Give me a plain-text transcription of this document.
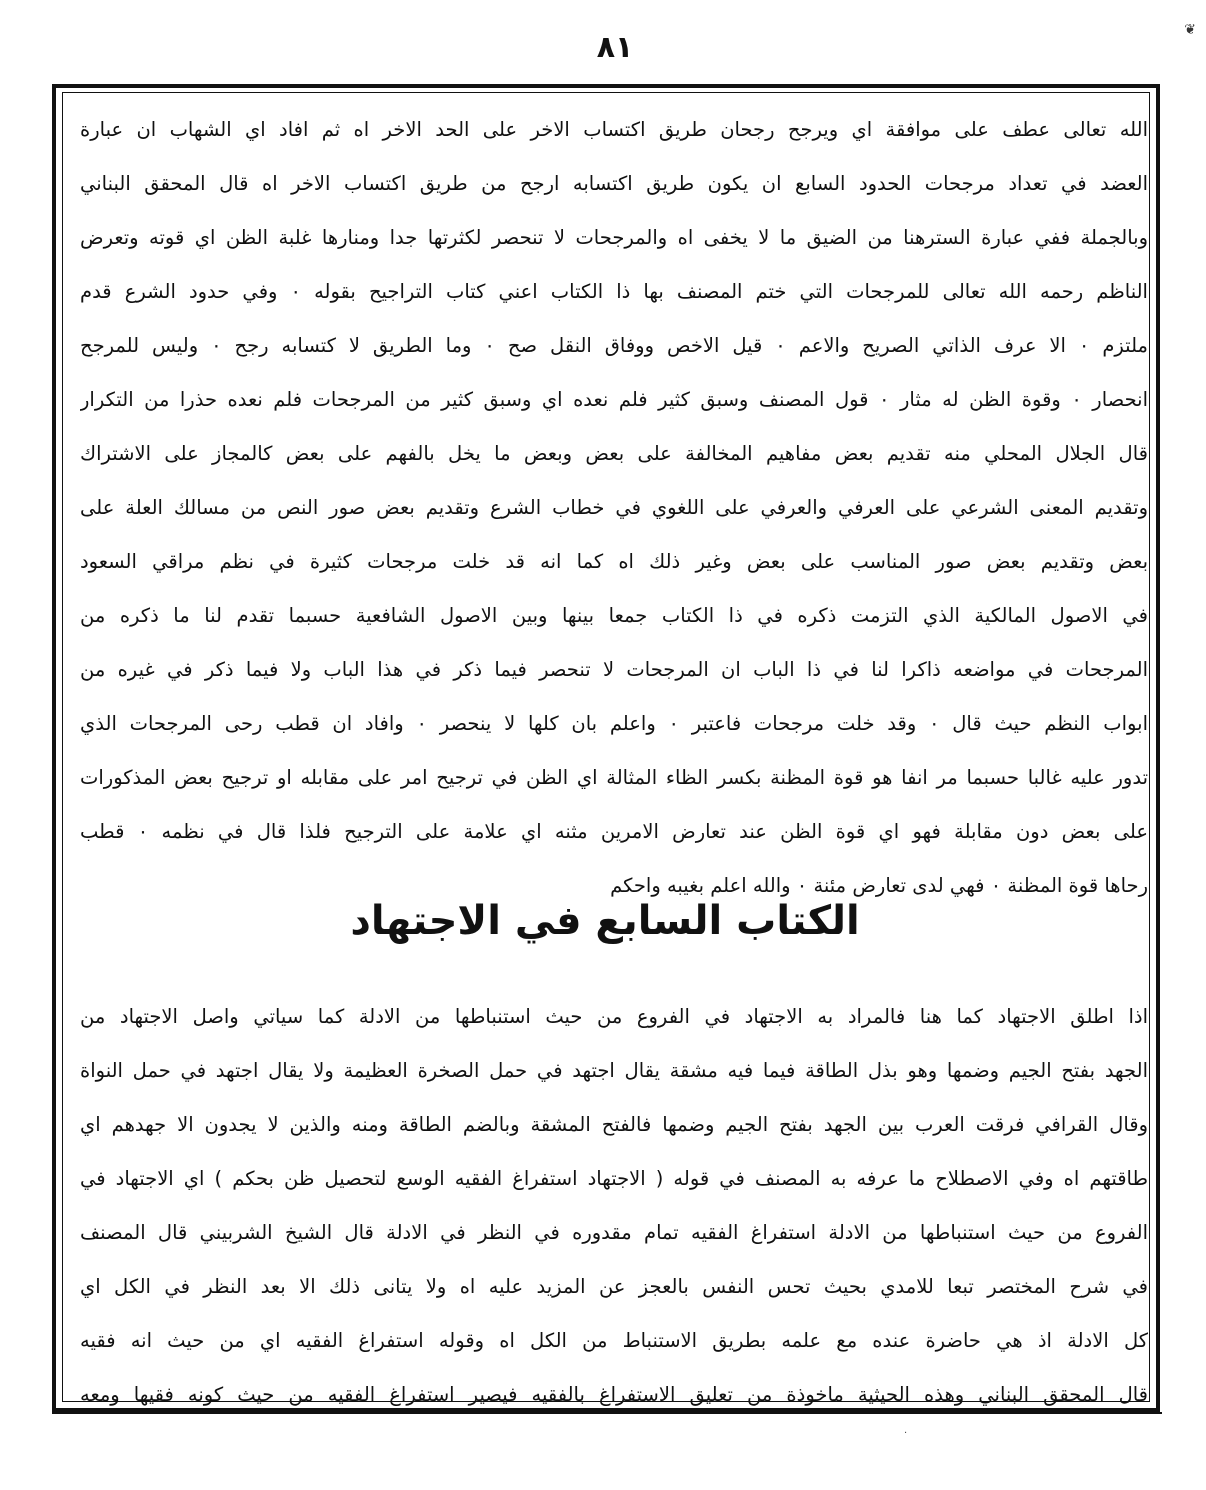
٨١	❦
الله تعالى عطف على موافقة اي ويرجح رجحان طريق اكتساب الاخر على الحد الاخر اه ثم افاد اي الشهاب ان عبارة
العضد في تعداد مرجحات الحدود السابع ان يكون طريق اكتسابه ارجح من طريق اكتساب الاخر اه قال المحقق البناني
وبالجملة ففي عبارة السترهنا من الضيق ما لا يخفى اه والمرجحات لا تنحصر لكثرتها جدا ومنارها غلبة الظن اي قوته وتعرض
الناظم رحمه الله تعالى للمرجحات التي ختم المصنف بها ذا الكتاب اعني كتاب التراجيح بقوله ٠ وفي حدود الشرع قدم
ملتزم ٠ الا عرف الذاتي الصريح والاعم ٠ قيل الاخص ووفاق النقل صح ٠ وما الطريق لا كتسابه رجح ٠ وليس للمرجح
انحصار ٠ وقوة الظن له مثار ٠ قول المصنف وسبق كثير فلم نعده اي وسبق كثير من المرجحات فلم نعده حذرا من التكرار
قال الجلال المحلي منه تقديم بعض مفاهيم المخالفة على بعض وبعض ما يخل بالفهم على بعض كالمجاز على الاشتراك
وتقديم المعنى الشرعي على العرفي والعرفي على اللغوي في خطاب الشرع وتقديم بعض صور النص من مسالك العلة على
بعض وتقديم بعض صور المناسب على بعض وغير ذلك اه كما انه قد خلت مرجحات كثيرة في نظم مراقي السعود
في الاصول المالكية الذي التزمت ذكره في ذا الكتاب جمعا بينها وبين الاصول الشافعية حسبما تقدم لنا ما ذكره من
المرجحات في مواضعه ذاكرا لنا في ذا الباب ان المرجحات لا تنحصر فيما ذكر في هذا الباب ولا فيما ذكر في غيره من
ابواب النظم حيث قال ٠ وقد خلت مرجحات فاعتبر ٠ واعلم بان كلها لا ينحصر ٠ وافاد ان قطب رحى المرجحات الذي
تدور عليه غالبا حسبما مر انفا هو قوة المظنة بكسر الظاء المثالة اي الظن في ترجيح امر على مقابله او ترجيح بعض المذكورات
على بعض دون مقابلة فهو اي قوة الظن عند تعارض الامرين مثنه اي علامة على الترجيح فلذا قال في نظمه ٠ قطب
رحاها قوة المظنة ٠ فهي لدى تعارض مئنة ٠ والله اعلم بغيبه واحكم
الكتاب السابع في الاجتهاد
اذا اطلق الاجتهاد كما هنا فالمراد به الاجتهاد في الفروع من حيث استنباطها من الادلة كما سياتي واصل الاجتهاد من
الجهد بفتح الجيم وضمها وهو بذل الطاقة فيما فيه مشقة يقال اجتهد في حمل الصخرة العظيمة ولا يقال اجتهد في حمل النواة
وقال القرافي فرقت العرب بين الجهد بفتح الجيم وضمها فالفتح المشقة وبالضم الطاقة ومنه والذين لا يجدون الا جهدهم اي
طاقتهم اه وفي الاصطلاح ما عرفه به المصنف في قوله ( الاجتهاد استفراغ الفقيه الوسع لتحصيل ظن بحكم ) اي الاجتهاد في
الفروع من حيث استنباطها من الادلة استفراغ الفقيه تمام مقدوره في النظر في الادلة قال الشيخ الشربيني قال المصنف
في شرح المختصر تبعا للامدي بحيث تحس النفس بالعجز عن المزيد عليه اه ولا يتانى ذلك الا بعد النظر في الكل اي
كل الادلة اذ هي حاضرة عنده مع علمه بطريق الاستنباط من الكل اه وقوله استفراغ الفقيه اي من حيث انه فقيه
قال المحقق البناني وهذه الحيثية ماخوذة من تعليق الاستفراغ بالفقيه فيصير استفراغ الفقيه من حيث كونه فقيها ومعه
·
